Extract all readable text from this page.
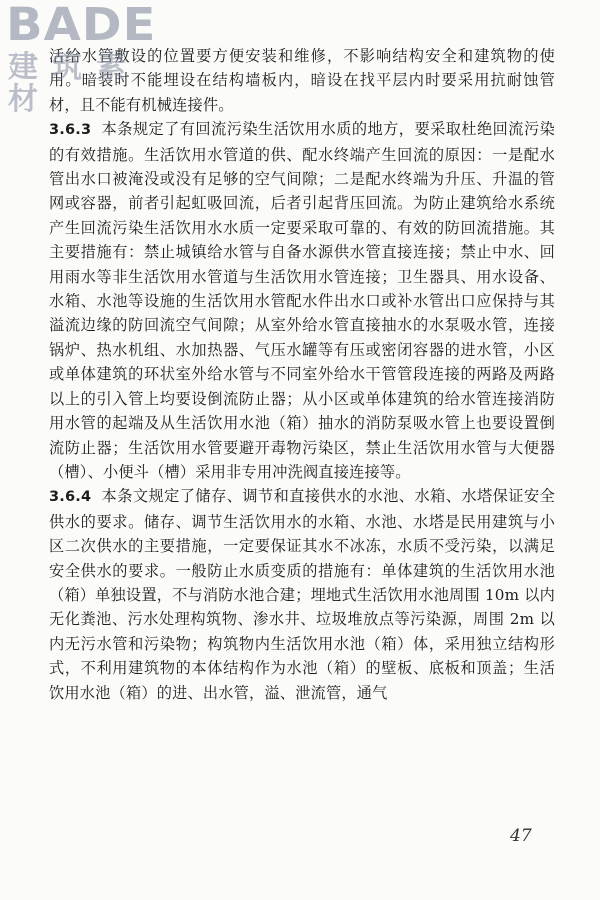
活给水管敷设的位置要方便安装和维修，不影响结构安全和建筑物的使用。暗装时不能埋设在结构墙板内，暗设在找平层内时要采用抗耐蚀管材，且不能有机械连接件。

3.6.3 本条规定了有回流污染生活饮用水质的地方，要采取杜绝回流污染的有效措施。生活饮用水管道的供、配水终端产生回流的原因：一是配水管出水口被淹没或没有足够的空气间隙；二是配水终端为升压、升温的管网或容器，前者引起虹吸回流，后者引起背压回流。为防止建筑给水系统产生回流污染生活饮用水水质一定要采取可靠的、有效的防回流措施。其主要措施有：禁止城镇给水管与自备水源供水管直接连接；禁止中水、回用雨水等非生活饮用水管道与生活饮用水管连接；卫生器具、用水设备、水箱、水池等设施的生活饮用水管配水件出水口或补水管出口应保持与其溢流边缘的防回流空气间隙；从室外给水管直接抽水的水泵吸水管，连接锅炉、热水机组、水加热器、气压水罐等有压或密闭容器的进水管，小区或单体建筑的环状室外给水管与不同室外给水干管管段连接的两路及两路以上的引入管上均要设倒流防止器；从小区或单体建筑的给水管连接消防用水管的起端及从生活饮用水池（箱）抽水的消防泵吸水管上也要设置倒流防止器；生活饮用水管要避开毒物污染区，禁止生活饮用水管与大便器（槽）、小便斗（槽）采用非专用冲洗阀直接连接等。

3.6.4 本条文规定了储存、调节和直接供水的水池、水箱、水塔保证安全供水的要求。储存、调节生活饮用水的水箱、水池、水塔是民用建筑与小区二次供水的主要措施，一定要保证其水不冰冻，水质不受污染，以满足安全供水的要求。一般防止水质变质的措施有：单体建筑的生活饮用水池（箱）单独设置，不与消防水池合建；埋地式生活饮用水池周围 10m 以内无化粪池、污水处理构筑物、渗水井、垃圾堆放点等污染源，周围 2m 以内无污水管和污染物；构筑物内生活饮用水池（箱）体，采用独立结构形式，不利用建筑物的本体结构作为水池（箱）的壁板、底板和顶盖；生活饮用水池（箱）的进、出水管，溢、泄流管，通气

BADE
建筑素材
47
